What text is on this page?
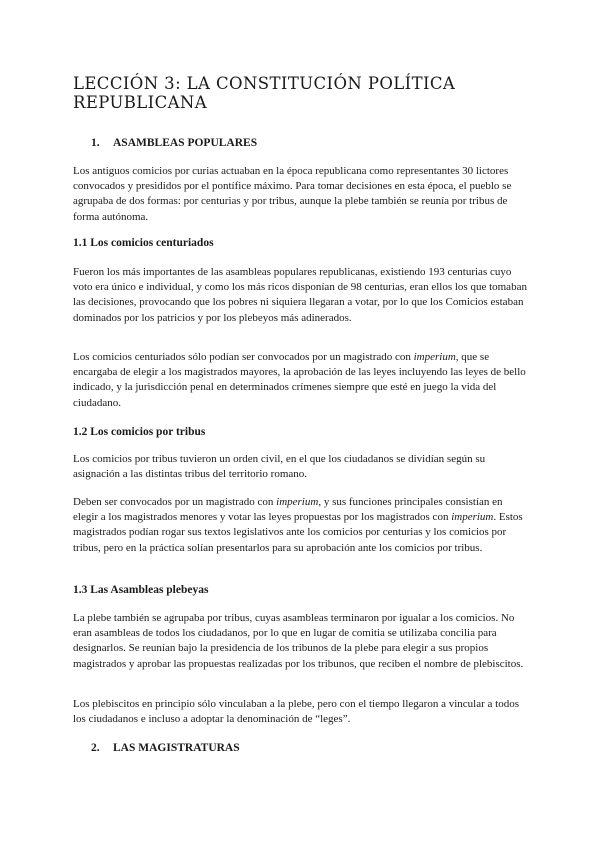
LECCIÓN 3: LA CONSTITUCIÓN POLÍTICA REPUBLICANA
1. ASAMBLEAS POPULARES

Los antiguos comicios por curias actuaban en la época republicana como representantes 30 lictores convocados y presididos por el pontífice máximo. Para tomar decisiones en esta época, el pueblo se agrupaba de dos formas: por centurias y por tribus, aunque la plebe también se reunía por tribus de forma autónoma.

1.1 Los comicios centuriados

Fueron los más importantes de las asambleas populares republicanas, existiendo 193 centurias cuyo voto era único e individual, y como los más ricos disponían de 98 centurias, eran ellos los que tomaban las decisiones, provocando que los pobres ni siquiera llegaran a votar, por lo que los Comicios estaban dominados por los patricios y por los plebeyos más adinerados.

Los comicios centuriados sólo podían ser convocados por un magistrado con imperium, que se encargaba de elegir a los magistrados mayores, la aprobación de las leyes incluyendo las leyes de bello indicado, y la jurisdicción penal en determinados crímenes siempre que esté en juego la vida del ciudadano.

1.2 Los comicios por tribus

Los comicios por tribus tuvieron un orden civil, en el que los ciudadanos se dividían según su asignación a las distintas tribus del territorio romano.

Deben ser convocados por un magistrado con imperium, y sus funciones principales consistían en elegir a los magistrados menores y votar las leyes propuestas por los magistrados con imperium. Estos magistrados podían rogar sus textos legislativos ante los comicios por centurias y los comicios por tribus, pero en la práctica solían presentarlos para su aprobación ante los comicios por tribus.

1.3 Las Asambleas plebeyas

La plebe también se agrupaba por tribus, cuyas asambleas terminaron por igualar a los comicios. No eran asambleas de todos los ciudadanos, por lo que en lugar de comitia se utilizaba concilia para designarlos. Se reunían bajo la presidencia de los tribunos de la plebe para elegir a sus propios magistrados y aprobar las propuestas realizadas por los tribunos, que reciben el nombre de plebiscitos.

Los plebiscitos en principio sólo vinculaban a la plebe, pero con el tiempo llegaron a vincular a todos los ciudadanos e incluso a adoptar la denominación de “leges”.

2. LAS MAGISTRATURAS
